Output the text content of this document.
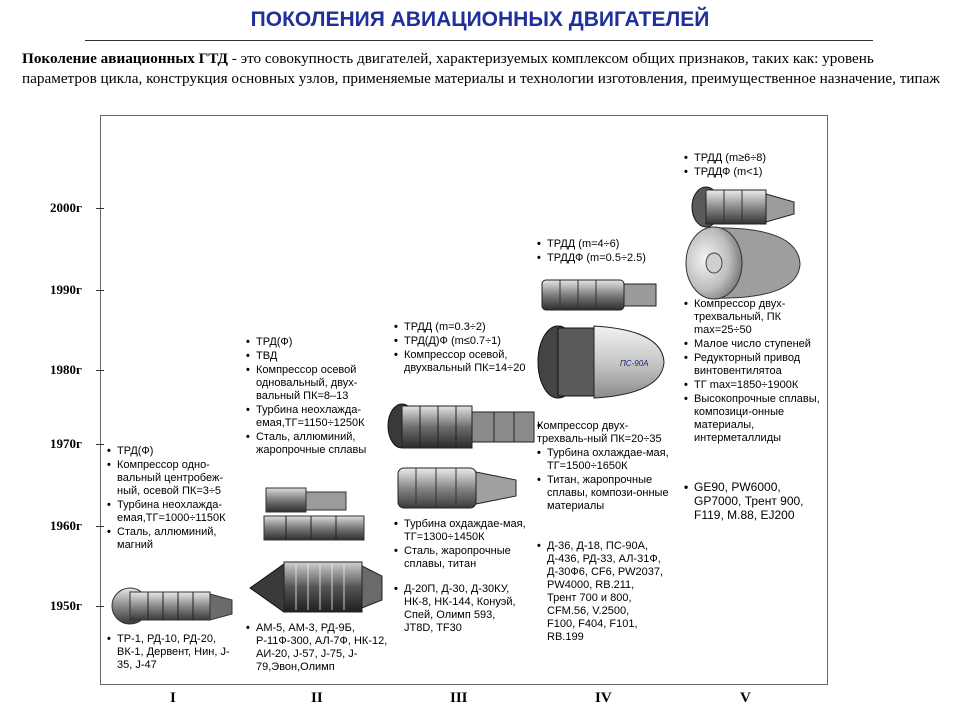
ПОКОЛЕНИЯ АВИАЦИОННЫХ ДВИГАТЕЛЕЙ
Поколение авиационных ГТД - это совокупность двигателей, характеризуемых комплексом общих признаков, таких как: уровень параметров цикла, конструкция основных узлов, применяемые материалы и технологии изготовления, преимущественное назначение, типаж
2000г
1990г
1980г
1970г
1960г
1950г
I	II	III	IV	V
• ТРД(Ф)
• Компрессор одно-вальный центробеж-ный, осевой ПК=3÷5
• Турбина неохлажда-емая,ТГ=1000÷1150К
• Сталь, аллюминий, магний
• ТР-1, РД-10, РД-20, ВК-1, Дервент, Нин, J-35, J-47
• ТРД(Ф)
• ТВД
• Компрессор осевой одновальный, двух-вальный ПК=8–13
• Турбина неохлажда-емая,ТГ=1150÷1250К
• Сталь, аллюминий, жаропрочные сплавы
• АМ-5, АМ-3, РД-9Б, Р-11Ф-300, АЛ-7Ф, НК-12, АИ-20, J-57, J-75, J-79,Эвон,Олимп
• ТРДД (m=0.3÷2)
• ТРД(Д)Ф (m≤0.7÷1)
• Компрессор осевой, двухвальный ПК=14÷20
• Турбина охдаждае-мая, ТГ=1300÷1450К
• Сталь, жаропрочные сплавы, титан
• Д-20П, Д-30, Д-30КУ,
НК-8, НК-144, Конуэй,
Спей, Олимп 593,
JT8D, TF30
• ТРДД (m=4÷6)
• ТРДДФ (m=0.5÷2.5)
ПС-90А
• Компрессор двух-трехваль-ный ПК=20÷35
• Турбина охлаждае-мая, ТГ=1500÷1650К
• Титан, жаропрочные сплавы, компози-онные материалы
• Д-36, Д-18, ПС-90А,
Д-436, РД-33, АЛ-31Ф,
Д-30Ф6, CF6, PW2037,
PW4000, RB.211,
Трент 700 и 800,
CFM.56, V.2500,
F100, F404, F101,
RB.199
• ТРДД (m≥6÷8)
• ТРДДФ (m<1)
• Компрессор двух-трехвальный, ПК max=25÷50
• Малое число ступеней
• Редукторный привод винтовентилятоа
• ТГ max=1850÷1900К
• Высокопрочные сплавы, композици-онные материалы, интерметаллиды
• GE90, PW6000,
GP7000, Трент 900,
F119, M.88, EJ200
